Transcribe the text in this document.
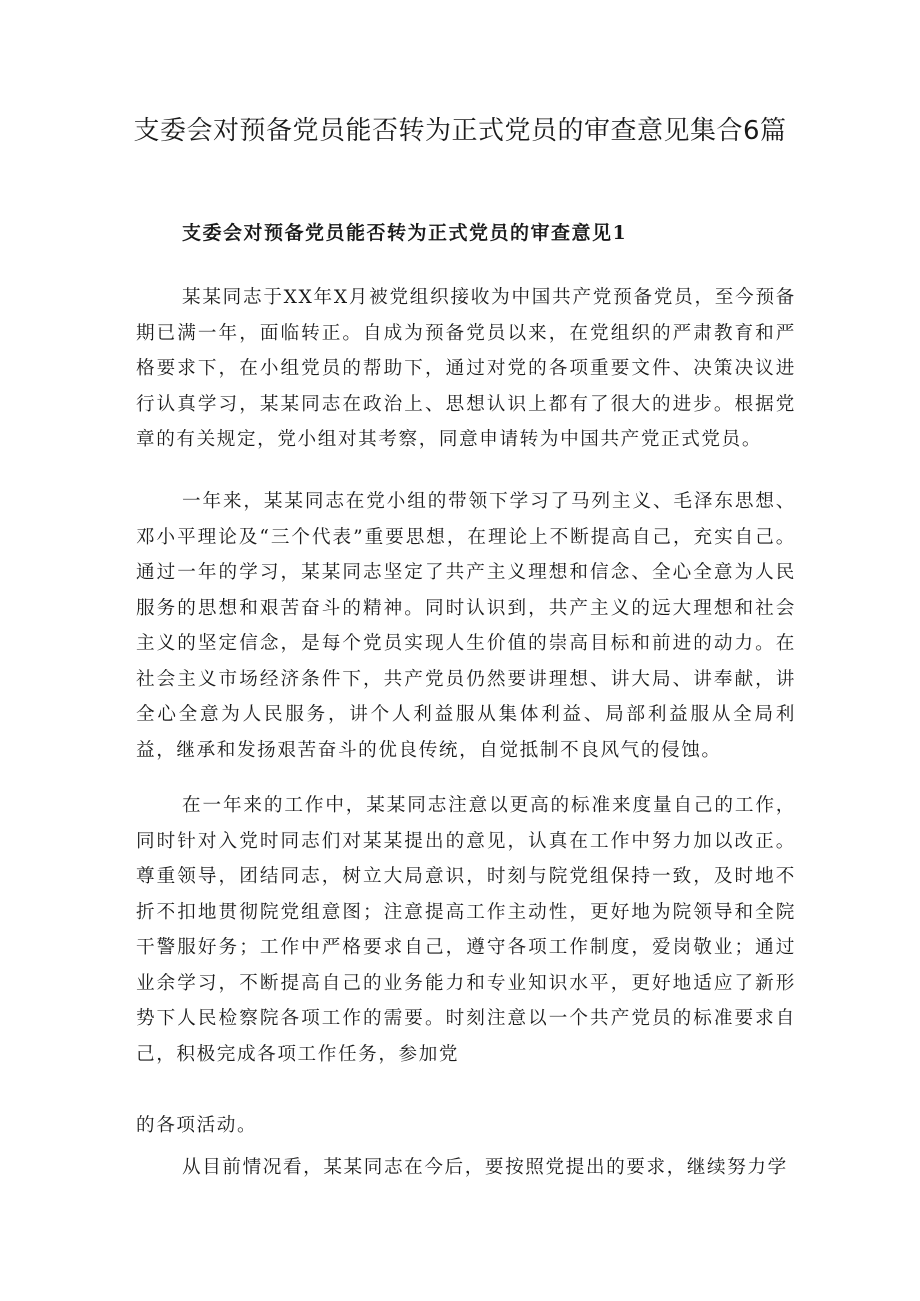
支委会对预备党员能否转为正式党员的审查意见集合6篇
支委会对预备党员能否转为正式党员的审查意见1

某某同志于XX年X月被党组织接收为中国共产党预备党员，至今预备期已满一年，面临转正。自成为预备党员以来，在党组织的严肃教育和严格要求下，在小组党员的帮助下，通过对党的各项重要文件、决策决议进行认真学习，某某同志在政治上、思想认识上都有了很大的进步。根据党章的有关规定，党小组对其考察，同意申请转为中国共产党正式党员。

一年来，某某同志在党小组的带领下学习了马列主义、毛泽东思想、邓小平理论及“三个代表”重要思想，在理论上不断提高自己，充实自己。通过一年的学习，某某同志坚定了共产主义理想和信念、全心全意为人民服务的思想和艰苦奋斗的精神。同时认识到，共产主义的远大理想和社会主义的坚定信念，是每个党员实现人生价值的崇高目标和前进的动力。在社会主义市场经济条件下，共产党员仍然要讲理想、讲大局、讲奉献，讲全心全意为人民服务，讲个人利益服从集体利益、局部利益服从全局利益，继承和发扬艰苦奋斗的优良传统，自觉抵制不良风气的侵蚀。

在一年来的工作中，某某同志注意以更高的标准来度量自己的工作，同时针对入党时同志们对某某提出的意见，认真在工作中努力加以改正。尊重领导，团结同志，树立大局意识，时刻与院党组保持一致，及时地不折不扣地贯彻院党组意图；注意提高工作主动性，更好地为院领导和全院干警服好务；工作中严格要求自己，遵守各项工作制度，爱岗敬业；通过业余学习，不断提高自己的业务能力和专业知识水平，更好地适应了新形势下人民检察院各项工作的需要。时刻注意以一个共产党员的标准要求自己，积极完成各项工作任务，参加党

的各项活动。

从目前情况看，某某同志在今后，要按照党提出的要求，继续努力学
